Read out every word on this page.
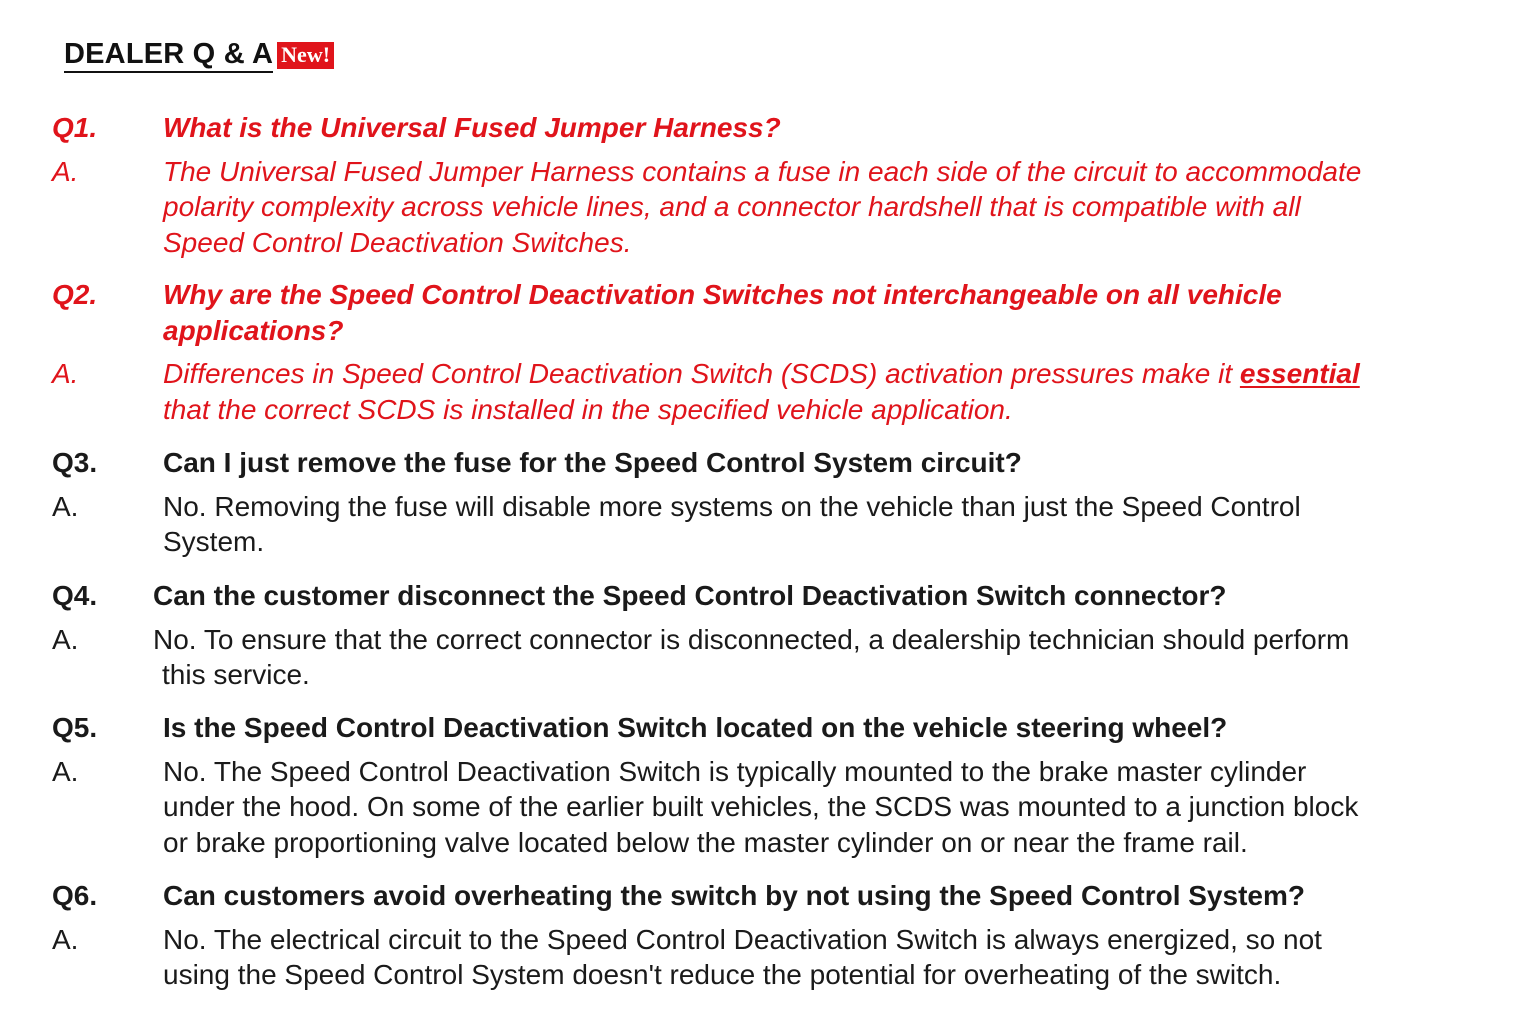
DEALER Q & A New!
Q1. What is the Universal Fused Jumper Harness?
A.	The Universal Fused Jumper Harness contains a fuse in each side of the circuit to accommodate
polarity complexity across vehicle lines, and a connector hardshell that is compatible with all
Speed Control Deactivation Switches.
Q2. Why are the Speed Control Deactivation Switches not interchangeable on all vehicle
applications?
A.	Differences in Speed Control Deactivation Switch (SCDS) activation pressures make it essential
that the correct SCDS is installed in the specified vehicle application.
Q3. Can I just remove the fuse for the Speed Control System circuit?
A.	No. Removing the fuse will disable more systems on the vehicle than just the Speed Control
System.
Q4. Can the customer disconnect the Speed Control Deactivation Switch connector?
A.	No. To ensure that the correct connector is disconnected, a dealership technician should perform
this service.
Q5. Is the Speed Control Deactivation Switch located on the vehicle steering wheel?
A.	No. The Speed Control Deactivation Switch is typically mounted to the brake master cylinder
under the hood. On some of the earlier built vehicles, the SCDS was mounted to a junction block
or brake proportioning valve located below the master cylinder on or near the frame rail.
Q6. Can customers avoid overheating the switch by not using the Speed Control System?
A.	No. The electrical circuit to the Speed Control Deactivation Switch is always energized, so not
using the Speed Control System doesn't reduce the potential for overheating of the switch.
